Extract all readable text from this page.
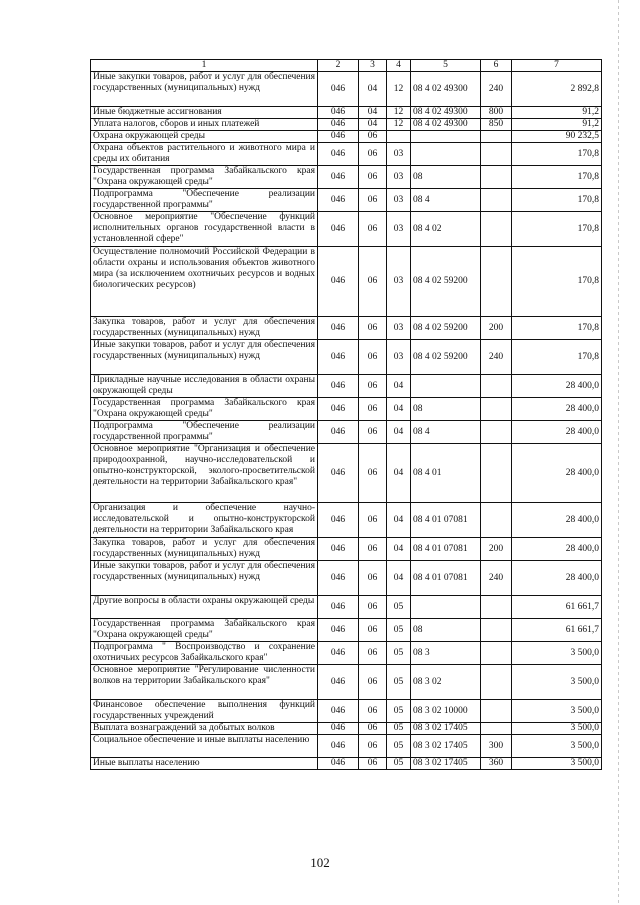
1	2	3	4	5	6	7
Иные закупки товаров, работ и услуг для обеспечения государственных (муниципальных) нужд	046	04	12	08 4 02 49300	240	2 892,8
Иные бюджетные ассигнования	046	04	12	08 4 02 49300	800	91,2
Уплата налогов, сборов и иных платежей	046	04	12	08 4 02 49300	850	91,2
Охрана окружающей среды	046	06				90 232,5
Охрана объектов растительного и животного мира и среды их обитания	046	06	03			170,8
Государственная программа Забайкальского края "Охрана окружающей среды"	046	06	03	08		170,8
Подпрограмма "Обеспечение реализации государственной программы"	046	06	03	08 4		170,8
Основное мероприятие "Обеспечение функций исполнительных органов государственной власти в установленной сфере"	046	06	03	08 4 02		170,8
Осуществление полномочий Российской Федерации в области охраны и использования объектов животного мира (за исключением охотничьих ресурсов и водных биологических ресурсов)	046	06	03	08 4 02 59200		170,8
Закупка товаров, работ и услуг для обеспечения государственных (муниципальных) нужд	046	06	03	08 4 02 59200	200	170,8
Иные закупки товаров, работ и услуг для обеспечения государственных (муниципальных) нужд	046	06	03	08 4 02 59200	240	170,8
Прикладные научные исследования в области охраны окружающей среды	046	06	04			28 400,0
Государственная программа Забайкальского края "Охрана окружающей среды"	046	06	04	08		28 400,0
Подпрограмма "Обеспечение реализации государственной программы"	046	06	04	08 4		28 400,0
Основное мероприятие "Организация и обеспечение природоохранной, научно-исследовательской и опытно-конструкторской, эколого-просветительской деятельности на территории Забайкальского края"	046	06	04	08 4 01		28 400,0
Организация и обеспечение научно-исследовательской и опытно-конструкторской деятельности на территории Забайкальского края	046	06	04	08 4 01 07081		28 400,0
Закупка товаров, работ и услуг для обеспечения государственных (муниципальных) нужд	046	06	04	08 4 01 07081	200	28 400,0
Иные закупки товаров, работ и услуг для обеспечения государственных (муниципальных) нужд	046	06	04	08 4 01 07081	240	28 400,0
Другие вопросы в области охраны окружающей среды	046	06	05			61 661,7
Государственная программа Забайкальского края "Охрана окружающей среды"	046	06	05	08		61 661,7
Подпрограмма " Воспроизводство и сохранение охотничьих ресурсов Забайкальского края"	046	06	05	08 3		3 500,0
Основное мероприятие "Регулирование численности волков на территории Забайкальского края"	046	06	05	08 3 02		3 500,0
Финансовое обеспечение выполнения функций государственных учреждений	046	06	05	08 3 02 10000		3 500,0
Выплата вознаграждений за добытых волков	046	06	05	08 3 02 17405		3 500,0
Социальное обеспечение и иные выплаты населению	046	06	05	08 3 02 17405	300	3 500,0
Иные выплаты населению	046	06	05	08 3 02 17405	360	3 500,0
102
